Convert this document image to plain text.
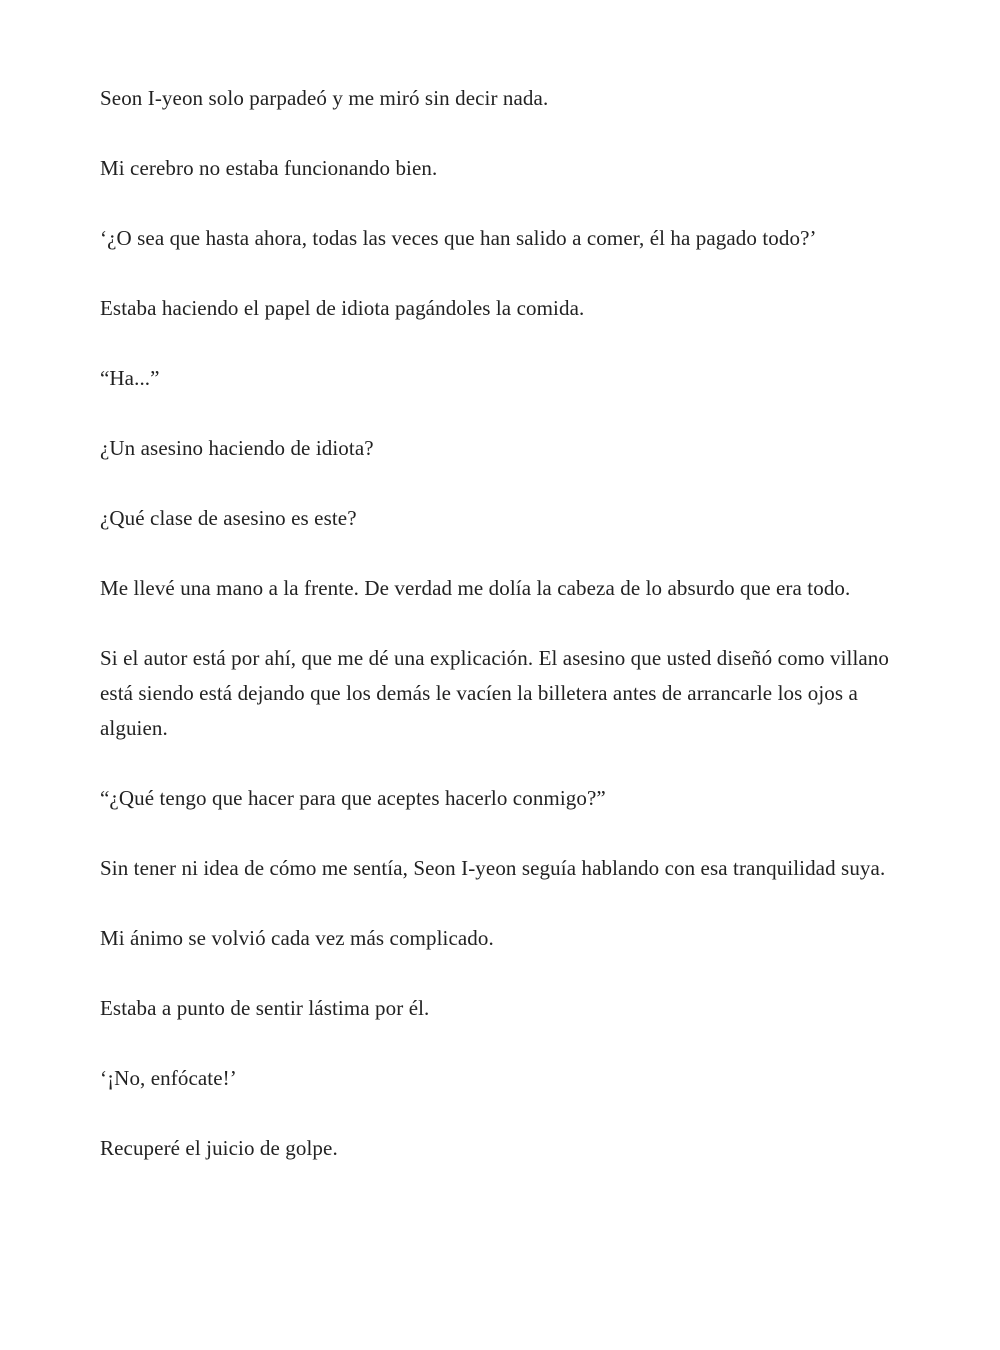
Seon I-yeon solo parpadeó y me miró sin decir nada.

Mi cerebro no estaba funcionando bien.

‘¿O sea que hasta ahora, todas las veces que han salido a comer, él ha pagado todo?’

Estaba haciendo el papel de idiota pagándoles la comida.

“Ha...”

¿Un asesino haciendo de idiota?

¿Qué clase de asesino es este?

Me llevé una mano a la frente. De verdad me dolía la cabeza de lo absurdo que era todo.

Si el autor está por ahí, que me dé una explicación. El asesino que usted diseñó como villano está siendo está dejando que los demás le vacíen la billetera antes de arrancarle los ojos a alguien.

“¿Qué tengo que hacer para que aceptes hacerlo conmigo?”

Sin tener ni idea de cómo me sentía, Seon I-yeon seguía hablando con esa tranquilidad suya.

Mi ánimo se volvió cada vez más complicado.

Estaba a punto de sentir lástima por él.

‘¡No, enfócate!’

Recuperé el juicio de golpe.
